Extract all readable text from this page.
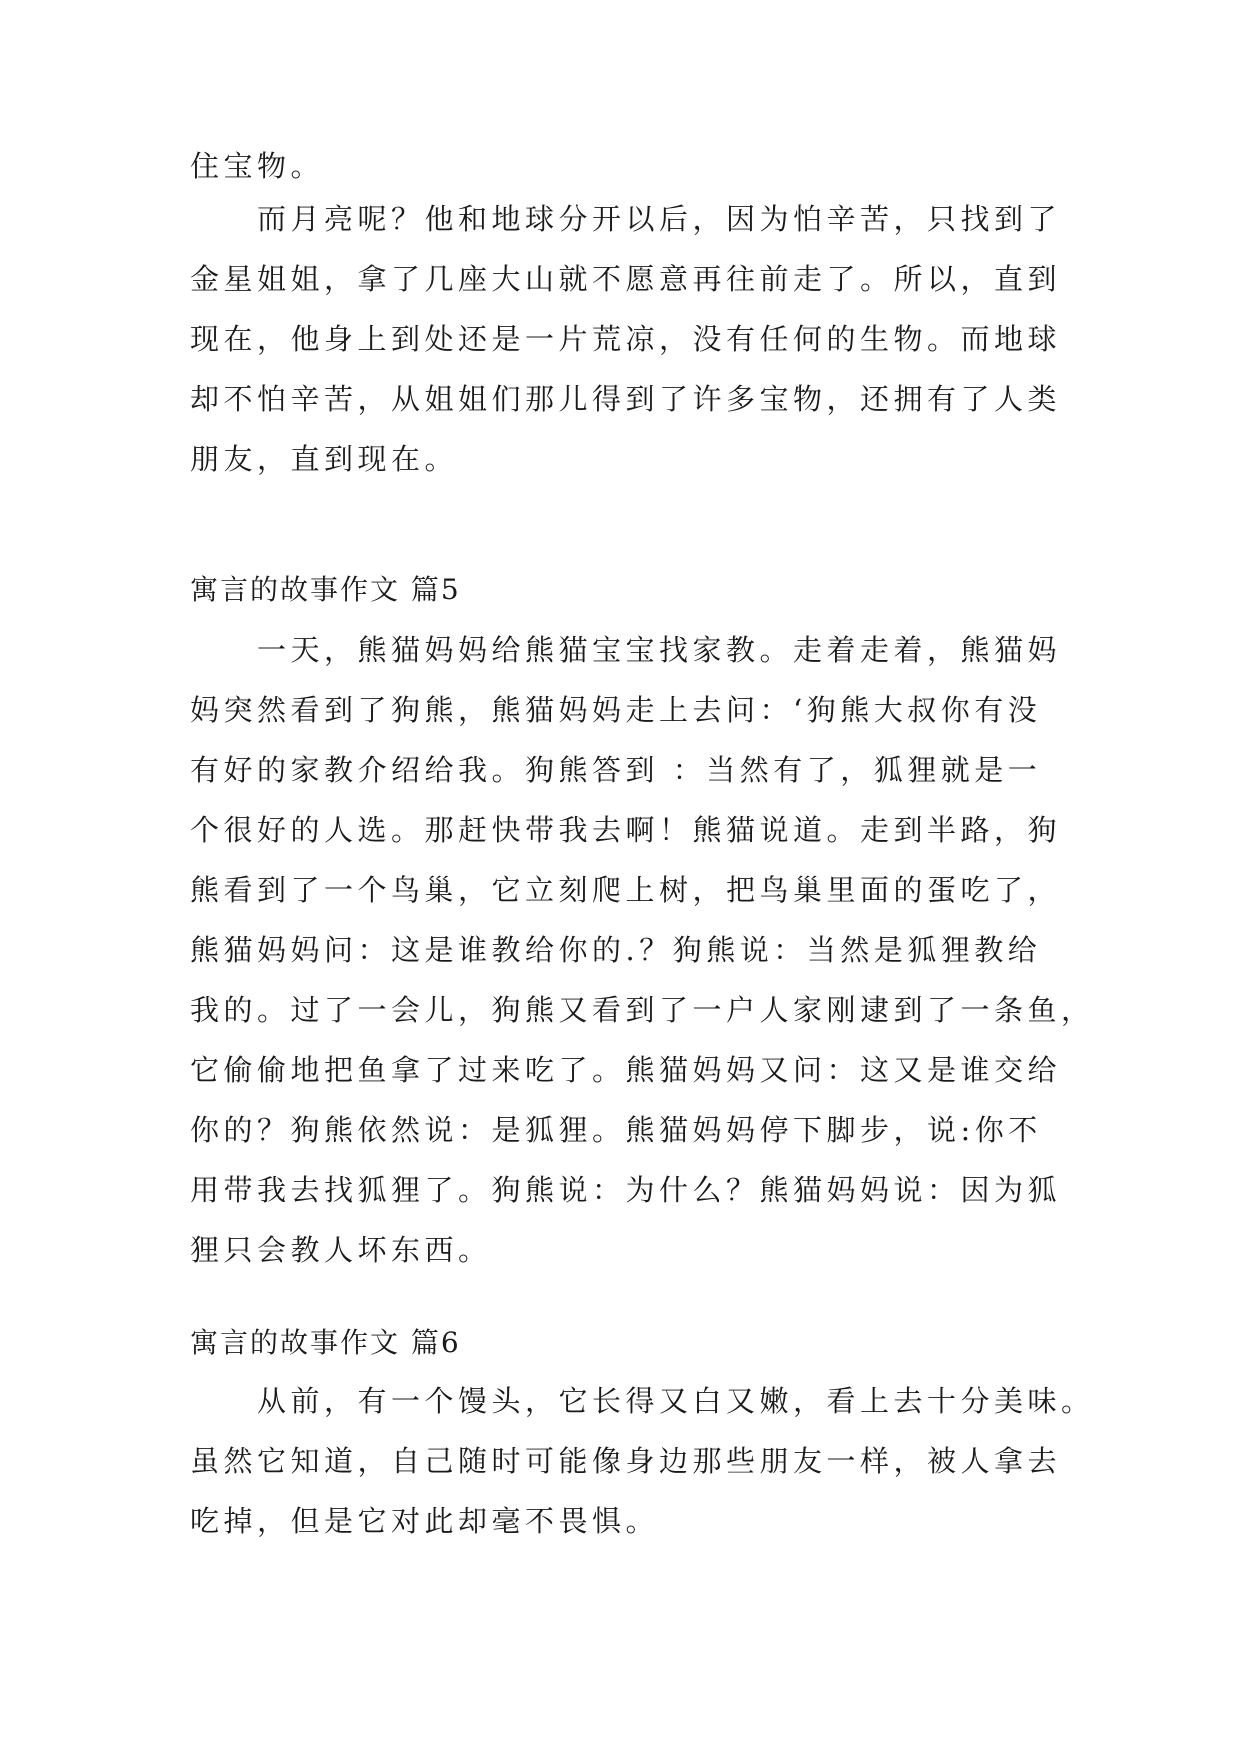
住宝物。
而月亮呢？他和地球分开以后，因为怕辛苦，只找到了
金星姐姐，拿了几座大山就不愿意再往前走了。所以，直到
现在，他身上到处还是一片荒凉，没有任何的生物。而地球
却不怕辛苦，从姐姐们那儿得到了许多宝物，还拥有了人类
朋友，直到现在。
寓言的故事作文 篇5
一天，熊猫妈妈给熊猫宝宝找家教。走着走着，熊猫妈
妈突然看到了狗熊，熊猫妈妈走上去问：‘狗熊大叔你有没
有好的家教介绍给我。狗熊答到 ：当然有了，狐狸就是一
个很好的人选。那赶快带我去啊！熊猫说道。走到半路，狗
熊看到了一个鸟巢，它立刻爬上树，把鸟巢里面的蛋吃了，
熊猫妈妈问：这是谁教给你的.？狗熊说：当然是狐狸教给
我的。过了一会儿，狗熊又看到了一户人家刚逮到了一条鱼，
它偷偷地把鱼拿了过来吃了。熊猫妈妈又问：这又是谁交给
你的？狗熊依然说：是狐狸。熊猫妈妈停下脚步，说:你不
用带我去找狐狸了。狗熊说：为什么？熊猫妈妈说：因为狐
狸只会教人坏东西。
寓言的故事作文 篇6
从前，有一个馒头，它长得又白又嫩，看上去十分美味。
虽然它知道，自己随时可能像身边那些朋友一样，被人拿去
吃掉，但是它对此却毫不畏惧。
